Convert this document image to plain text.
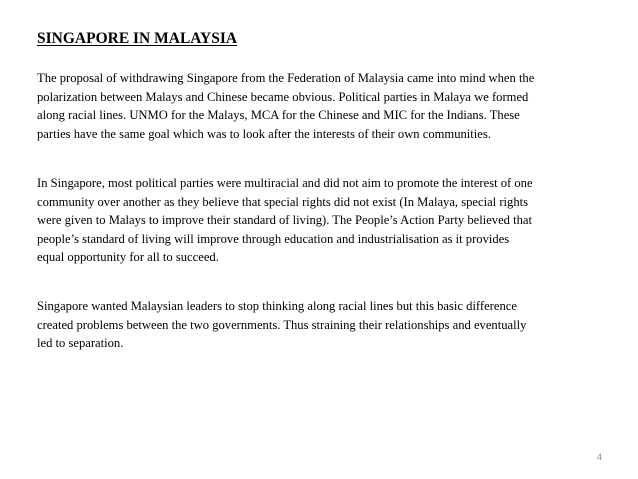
SINGAPORE IN MALAYSIA

The proposal of withdrawing Singapore from the Federation of Malaysia came into mind when the
polarization between Malays and Chinese became obvious. Political parties in Malaya we formed
along racial lines. UNMO for the Malays, MCA for the Chinese and MIC for the Indians. These
parties have the same goal which was to look after the interests of their own communities.

In Singapore, most political parties were multiracial and did not aim to promote the interest of one
community over another as they believe that special rights did not exist (In Malaya, special rights
were given to Malays to improve their standard of living). The People’s Action Party believed that
people’s standard of living will improve through education and industrialisation as it provides
equal opportunity for all to succeed.

Singapore wanted Malaysian leaders to stop thinking along racial lines but this basic difference
created problems between the two governments. Thus straining their relationships and eventually
led to separation.

4
